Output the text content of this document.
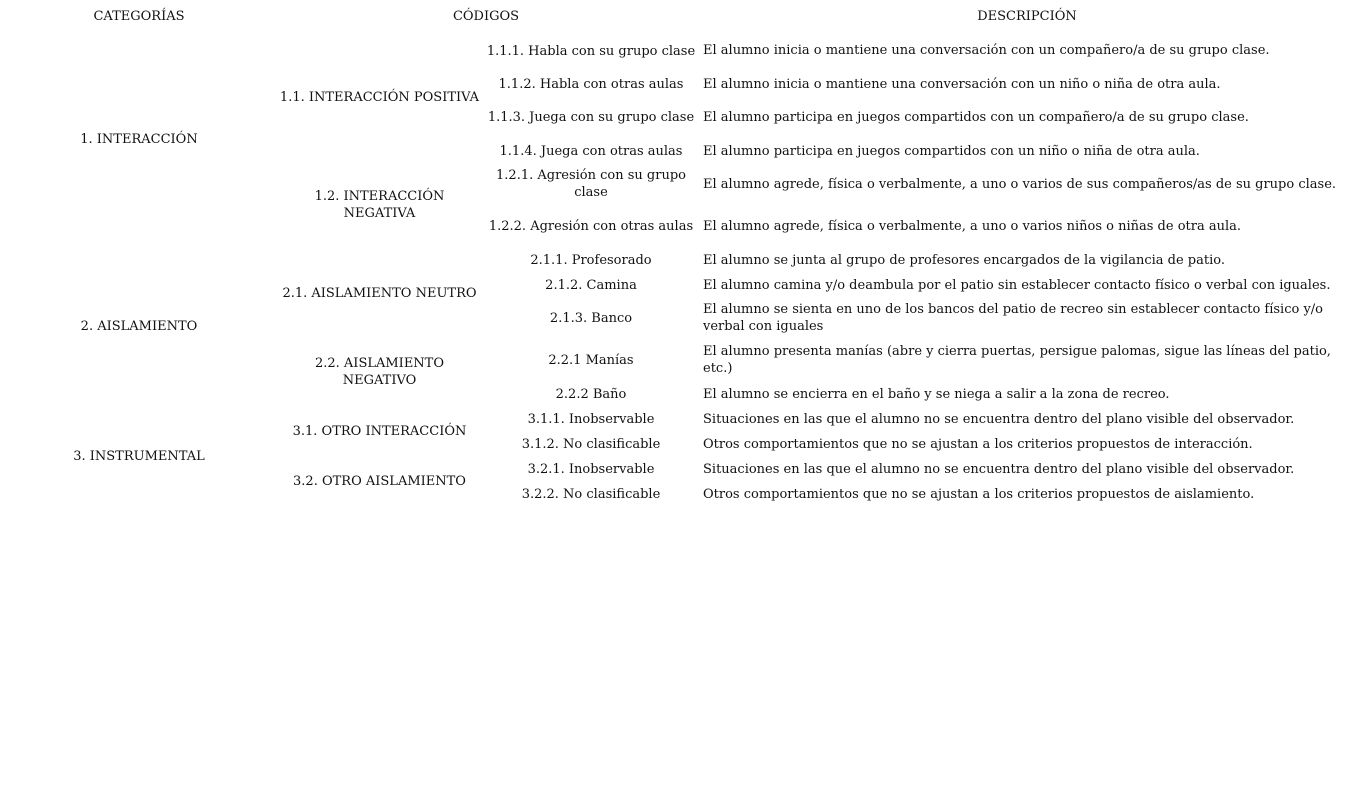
CATEGORÍAS	CÓDIGOS	DESCRIPCIÓN
1. INTERACCIÓN
2. AISLAMIENTO
3. INSTRUMENTAL
1.1. INTERACCIÓN POSITIVA
1.2. INTERACCIÓN NEGATIVA
2.1. AISLAMIENTO NEUTRO
2.2. AISLAMIENTO NEGATIVO
3.1. OTRO INTERACCIÓN
3.2. OTRO AISLAMIENTO
1.1.1. Habla con su grupo clase
1.1.2. Habla con otras aulas
1.1.3. Juega con su grupo clase
1.1.4. Juega con otras aulas
1.2.1. Agresión con su grupo clase
1.2.2. Agresión con otras aulas
2.1.1. Profesorado
2.1.2. Camina
2.1.3. Banco
2.2.1 Manías
2.2.2 Baño
3.1.1. Inobservable
3.1.2. No clasificable
3.2.1. Inobservable
3.2.2. No clasificable
El alumno inicia o mantiene una conversación con un compañero/a de su grupo clase.
El alumno inicia o mantiene una conversación con un niño o niña de otra aula.
El alumno participa en juegos compartidos con un compañero/a de su grupo clase.
El alumno participa en juegos compartidos con un niño o niña de otra aula.
El alumno agrede, física o verbalmente, a uno o varios de sus compañeros/as de su grupo clase.
El alumno agrede, física o verbalmente, a uno o varios niños o niñas de otra aula.
El alumno se junta al grupo de profesores encargados de la vigilancia de patio.
El alumno camina y/o deambula por el patio sin establecer contacto físico o verbal con iguales.
El alumno se sienta en uno de los bancos del patio de recreo sin establecer contacto físico y/o verbal con iguales
El alumno presenta manías (abre y cierra puertas, persigue palomas, sigue las líneas del patio, etc.)
El alumno se encierra en el baño y se niega a salir a la zona de recreo.
Situaciones en las que el alumno no se encuentra dentro del plano visible del observador.
Otros comportamientos que no se ajustan a los criterios propuestos de interacción.
Situaciones en las que el alumno no se encuentra dentro del plano visible del observador.
Otros comportamientos que no se ajustan a los criterios propuestos de aislamiento.
